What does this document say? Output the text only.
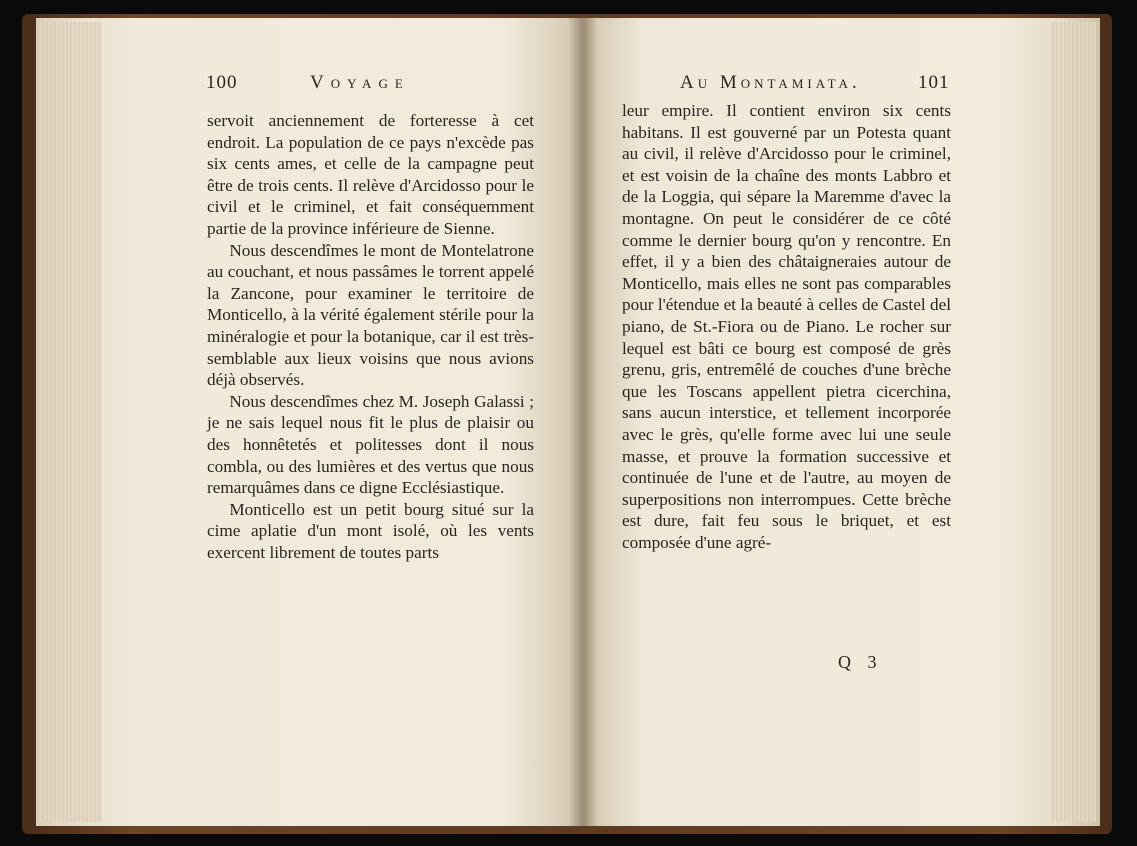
100	Voyage	Au Montamiata.	101

servoit anciennement de forteresse à cet endroit. La population de ce pays n'excède pas six cents ames, et celle de la campagne peut être de trois cents. Il relève d'Arcidosso pour le civil et le criminel, et fait conséquemment partie de la province inférieure de Sienne.

Nous descendîmes le mont de Montelatrone au couchant, et nous passâmes le torrent appelé la Zancone, pour examiner le territoire de Monticello, à la vérité également stérile pour la minéralogie et pour la botanique, car il est très-semblable aux lieux voisins que nous avions déjà observés.

Nous descendîmes chez M. Joseph Galassi ; je ne sais lequel nous fit le plus de plaisir ou des honnêtetés et politesses dont il nous combla, ou des lumières et des vertus que nous remarquâmes dans ce digne Ecclésiastique.

Monticello est un petit bourg situé sur la cime aplatie d'un mont isolé, où les vents exercent librement de toutes parts

leur empire. Il contient environ six cents habitans. Il est gouverné par un Potesta quant au civil, il relève d'Arcidosso pour le criminel, et est voisin de la chaîne des monts Labbro et de la Loggia, qui sépare la Maremme d'avec la montagne. On peut le considérer de ce côté comme le dernier bourg qu'on y rencontre. En effet, il y a bien des châtaigneraies autour de Monticello, mais elles ne sont pas comparables pour l'étendue et la beauté à celles de Castel del piano, de St.-Fiora ou de Piano. Le rocher sur lequel est bâti ce bourg est composé de grès grenu, gris, entremêlé de couches d'une brèche que les Toscans appellent pietra cicerchina, sans aucun interstice, et tellement incorporée avec le grès, qu'elle forme avec lui une seule masse, et prouve la formation successive et continuée de l'une et de l'autre, au moyen de superpositions non interrompues. Cette brèche est dure, fait feu sous le briquet, et est composée d'une agré-

Q 3
